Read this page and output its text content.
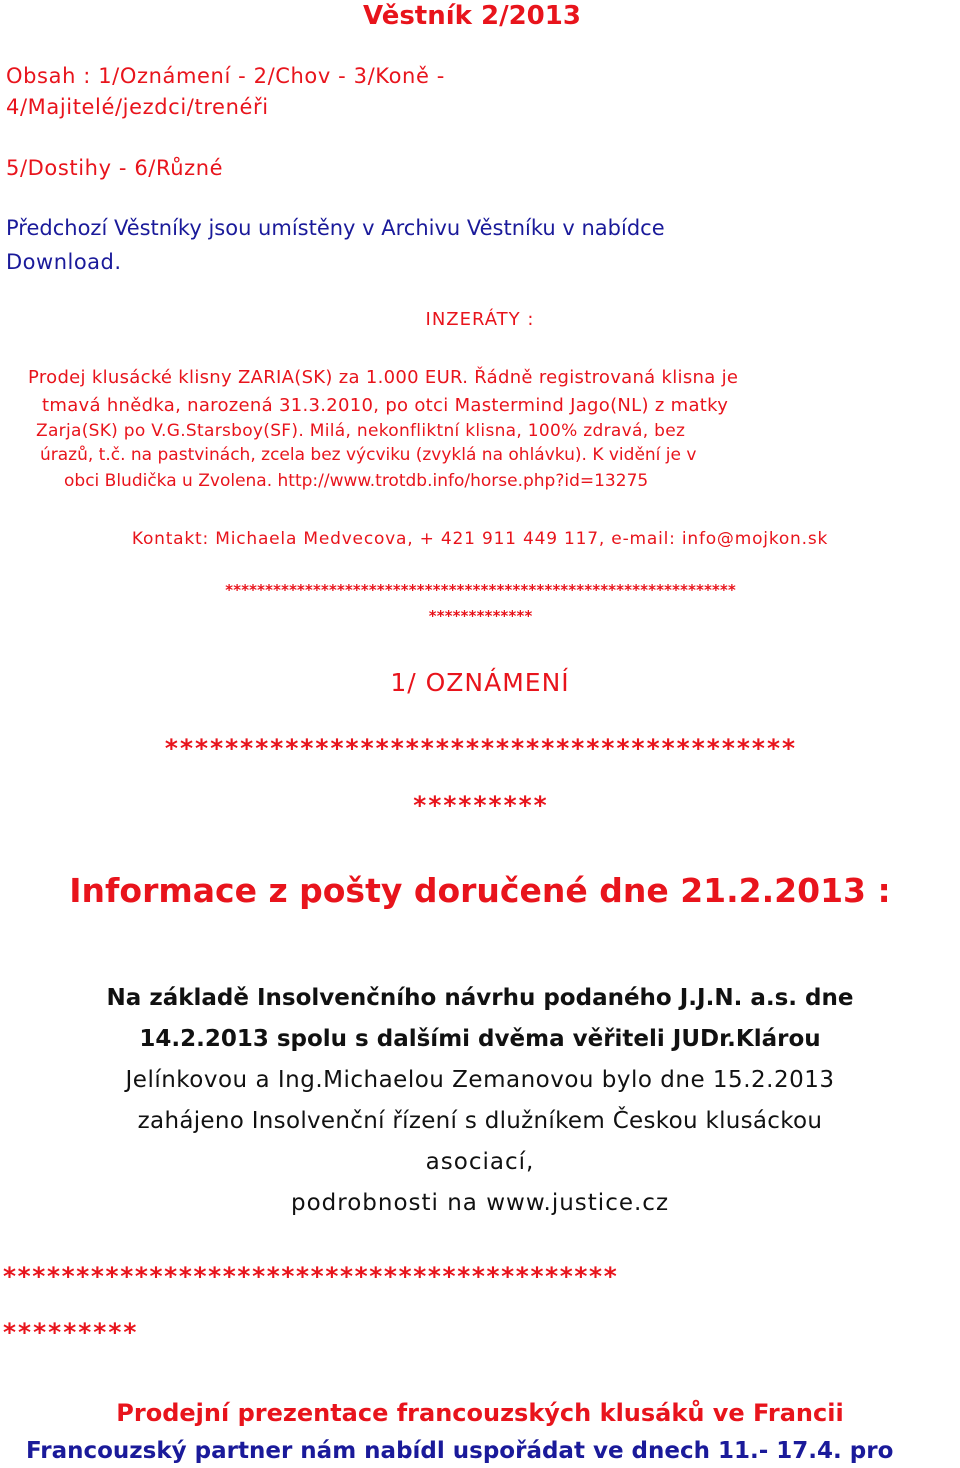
Věstník 2/2013
Obsah : 1/Oznámení - 2/Chov - 3/Koně -
4/Majitelé/jezdci/trenéři
5/Dostihy - 6/Různé
Předchozí Věstníky jsou umístěny v Archivu Věstníku v nabídce
Download.
INZERÁTY :
Prodej klusácké klisny ZARIA(SK) za 1.000 EUR. Řádně registrovaná klisna je
tmavá hnědka, narozená 31.3.2010, po otci Mastermind Jago(NL) z matky
Zarja(SK) po V.G.Starsboy(SF). Milá, nekonfliktní klisna, 100% zdravá, bez
úrazů, t.č. na pastvinách, zcela bez výcviku (zvyklá na ohlávku). K vidění je v
obci Bludička u Zvolena. http://www.trotdb.info/horse.php?id=13275
Kontakt: Michaela Medvecova, + 421 911 449 117, e-mail: info@mojkon.sk
****************************************************************
*************
1/ OZNÁMENÍ
******************************************
*********
Informace z pošty doručené dne 21.2.2013 :
Na základě Insolvenčního návrhu podaného J.J.N. a.s. dne
14.2.2013 spolu s dalšími dvěma věřiteli JUDr.Klárou
Jelínkovou a Ing.Michaelou Zemanovou bylo dne 15.2.2013
zahájeno Insolvenční řízení s dlužníkem Českou klusáckou
asociací,
podrobnosti na www.justice.cz
******************************************
*********
Prodejní prezentace francouzských klusáků ve Francii
Francouzský partner nám nabídl uspořádat ve dnech 11.- 17.4. pro
